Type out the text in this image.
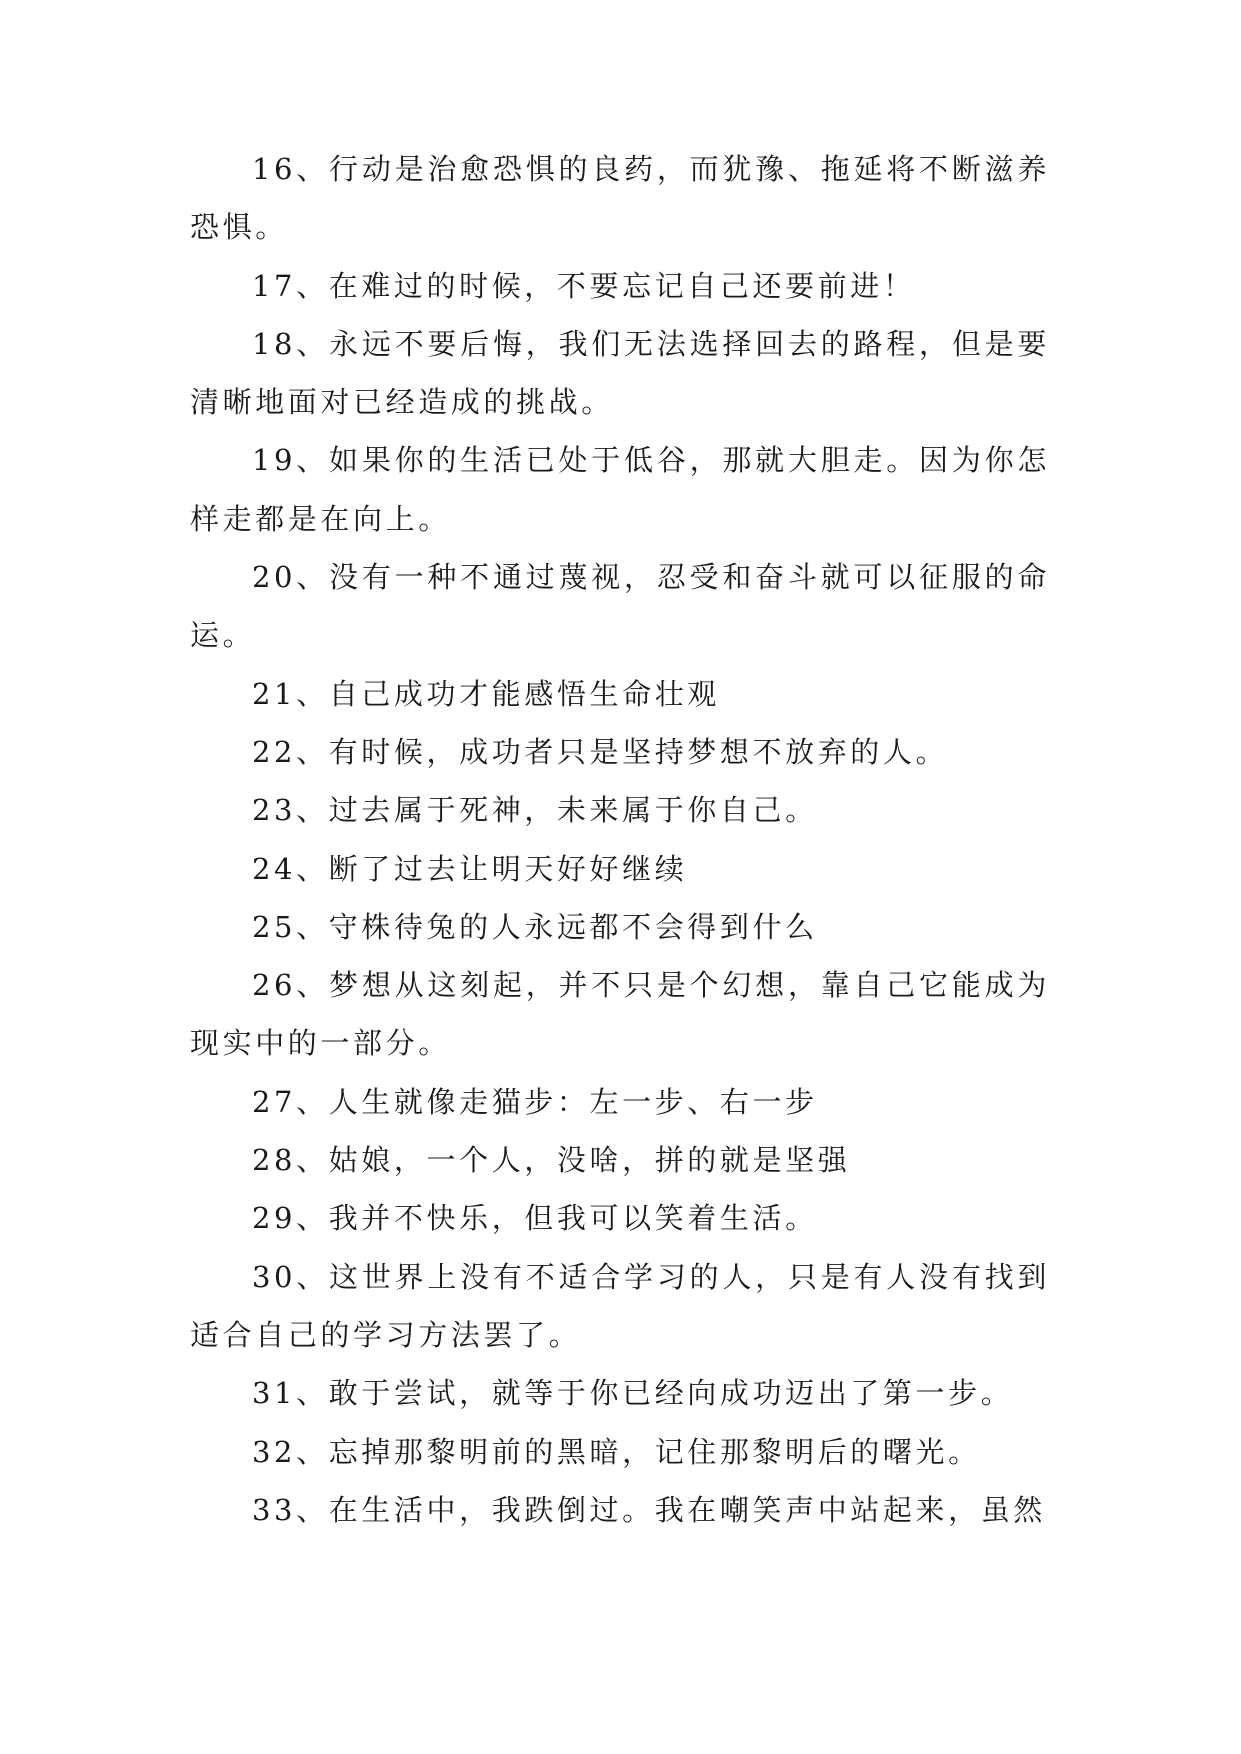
16、行动是治愈恐惧的良药，而犹豫、拖延将不断滋养恐惧。

17、在难过的时候，不要忘记自己还要前进！

18、永远不要后悔，我们无法选择回去的路程，但是要清晰地面对已经造成的挑战。

19、如果你的生活已处于低谷，那就大胆走。因为你怎样走都是在向上。

20、没有一种不通过蔑视，忍受和奋斗就可以征服的命运。

21、自己成功才能感悟生命壮观

22、有时候，成功者只是坚持梦想不放弃的人。

23、过去属于死神，未来属于你自己。

24、断了过去让明天好好继续

25、守株待兔的人永远都不会得到什么

26、梦想从这刻起，并不只是个幻想，靠自己它能成为现实中的一部分。

27、人生就像走猫步：左一步、右一步

28、姑娘，一个人，没啥，拼的就是坚强

29、我并不快乐，但我可以笑着生活。

30、这世界上没有不适合学习的人，只是有人没有找到适合自己的学习方法罢了。

31、敢于尝试，就等于你已经向成功迈出了第一步。

32、忘掉那黎明前的黑暗，记住那黎明后的曙光。

33、在生活中，我跌倒过。我在嘲笑声中站起来，虽然
